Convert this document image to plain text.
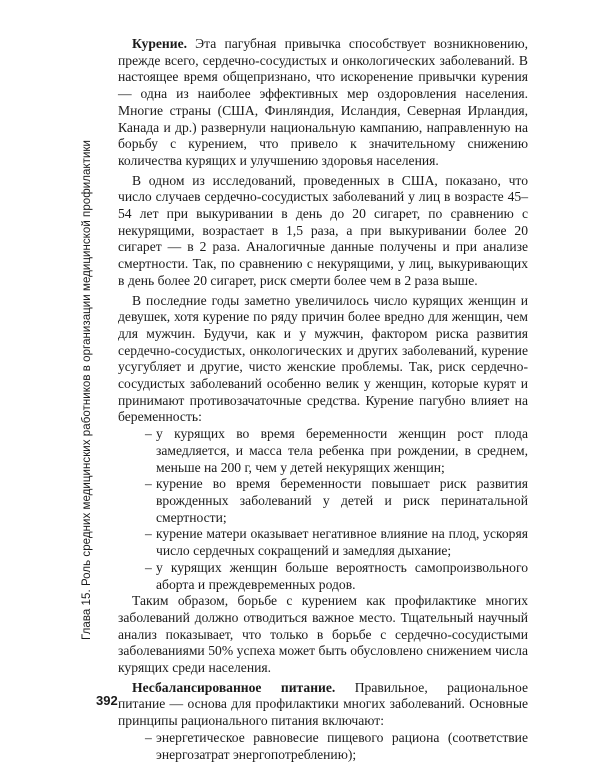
Глава 15. Роль средних медицинских работников в организации медицинской профилактики

Курение. Эта пагубная привычка способствует возникновению, прежде всего, сердечно-сосудистых и онкологических заболеваний. В настоящее время общепризнано, что искоренение привычки курения — одна из наиболее эффективных мер оздоровления населения. Многие страны (США, Финляндия, Исландия, Северная Ирландия, Канада и др.) развернули национальную кампанию, направленную на борьбу с курением, что привело к значительному снижению количества курящих и улучшению здоровья населения.

В одном из исследований, проведенных в США, показано, что число случаев сердечно-сосудистых заболеваний у лиц в возрасте 45–54 лет при выкуривании в день до 20 сигарет, по сравнению с некурящими, возрастает в 1,5 раза, а при выкуривании более 20 сигарет — в 2 раза. Аналогичные данные получены и при анализе смертности. Так, по сравнению с некурящими, у лиц, выкуривающих в день более 20 сигарет, риск смерти более чем в 2 раза выше.

В последние годы заметно увеличилось число курящих женщин и девушек, хотя курение по ряду причин более вредно для женщин, чем для мужчин. Будучи, как и у мужчин, фактором риска развития сердечно-сосудистых, онкологических и других заболеваний, курение усугубляет и другие, чисто женские проблемы. Так, риск сердечно-сосудистых заболеваний особенно велик у женщин, которые курят и принимают противозачаточные средства. Курение пагубно влияет на беременность:

– у курящих во время беременности женщин рост плода замедляется, и масса тела ребенка при рождении, в среднем, меньше на 200 г, чем у детей некурящих женщин;
– курение во время беременности повышает риск развития врожденных заболеваний у детей и риск перинатальной смертности;
– курение матери оказывает негативное влияние на плод, ускоряя число сердечных сокращений и замедляя дыхание;
– у курящих женщин больше вероятность самопроизвольного аборта и преждевременных родов.

Таким образом, борьбе с курением как профилактике многих заболеваний должно отводиться важное место. Тщательный научный анализ показывает, что только в борьбе с сердечно-сосудистыми заболеваниями 50% успеха может быть обусловлено снижением числа курящих среди населения.

Несбалансированное питание. Правильное, рациональное питание — основа для профилактики многих заболеваний. Основные принципы рационального питания включают:

– энергетическое равновесие пищевого рациона (соответствие энергозатрат энергопотреблению);
392
